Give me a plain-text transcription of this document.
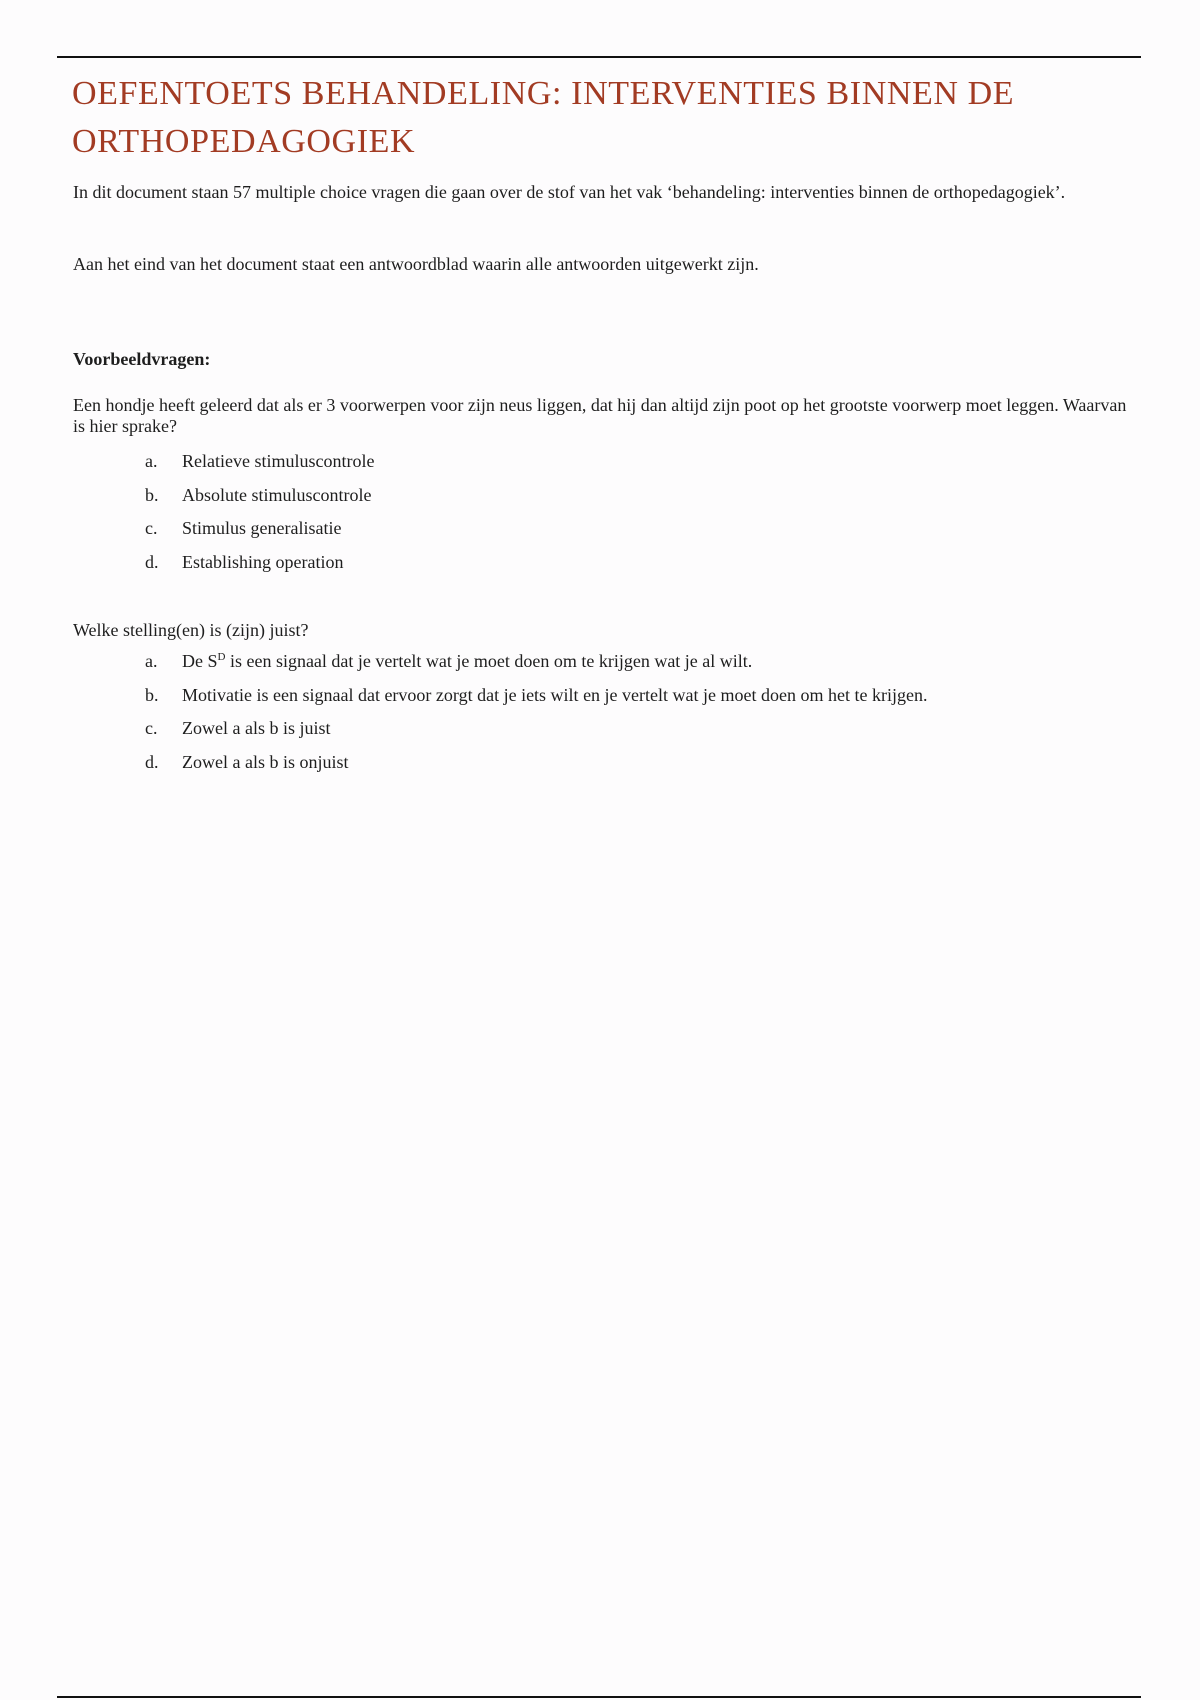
OEFENTOETS BEHANDELING: INTERVENTIES BINNEN DE ORTHOPEDAGOGIEK

In dit document staan 57 multiple choice vragen die gaan over de stof van het vak ‘behandeling: interventies binnen de orthopedagogiek’.

Aan het eind van het document staat een antwoordblad waarin alle antwoorden uitgewerkt zijn.

Voorbeeldvragen:

Een hondje heeft geleerd dat als er 3 voorwerpen voor zijn neus liggen, dat hij dan altijd zijn poot op het grootste voorwerp moet leggen. Waarvan is hier sprake?

a. Relatieve stimuluscontrole
b. Absolute stimuluscontrole
c. Stimulus generalisatie
d. Establishing operation

Welke stelling(en) is (zijn) juist?

a. De $S^D$ is een signaal dat je vertelt wat je moet doen om te krijgen wat je al wilt.
b. Motivatie is een signaal dat ervoor zorgt dat je iets wilt en je vertelt wat je moet doen om het te krijgen.
c. Zowel a als b is juist
d. Zowel a als b is onjuist
